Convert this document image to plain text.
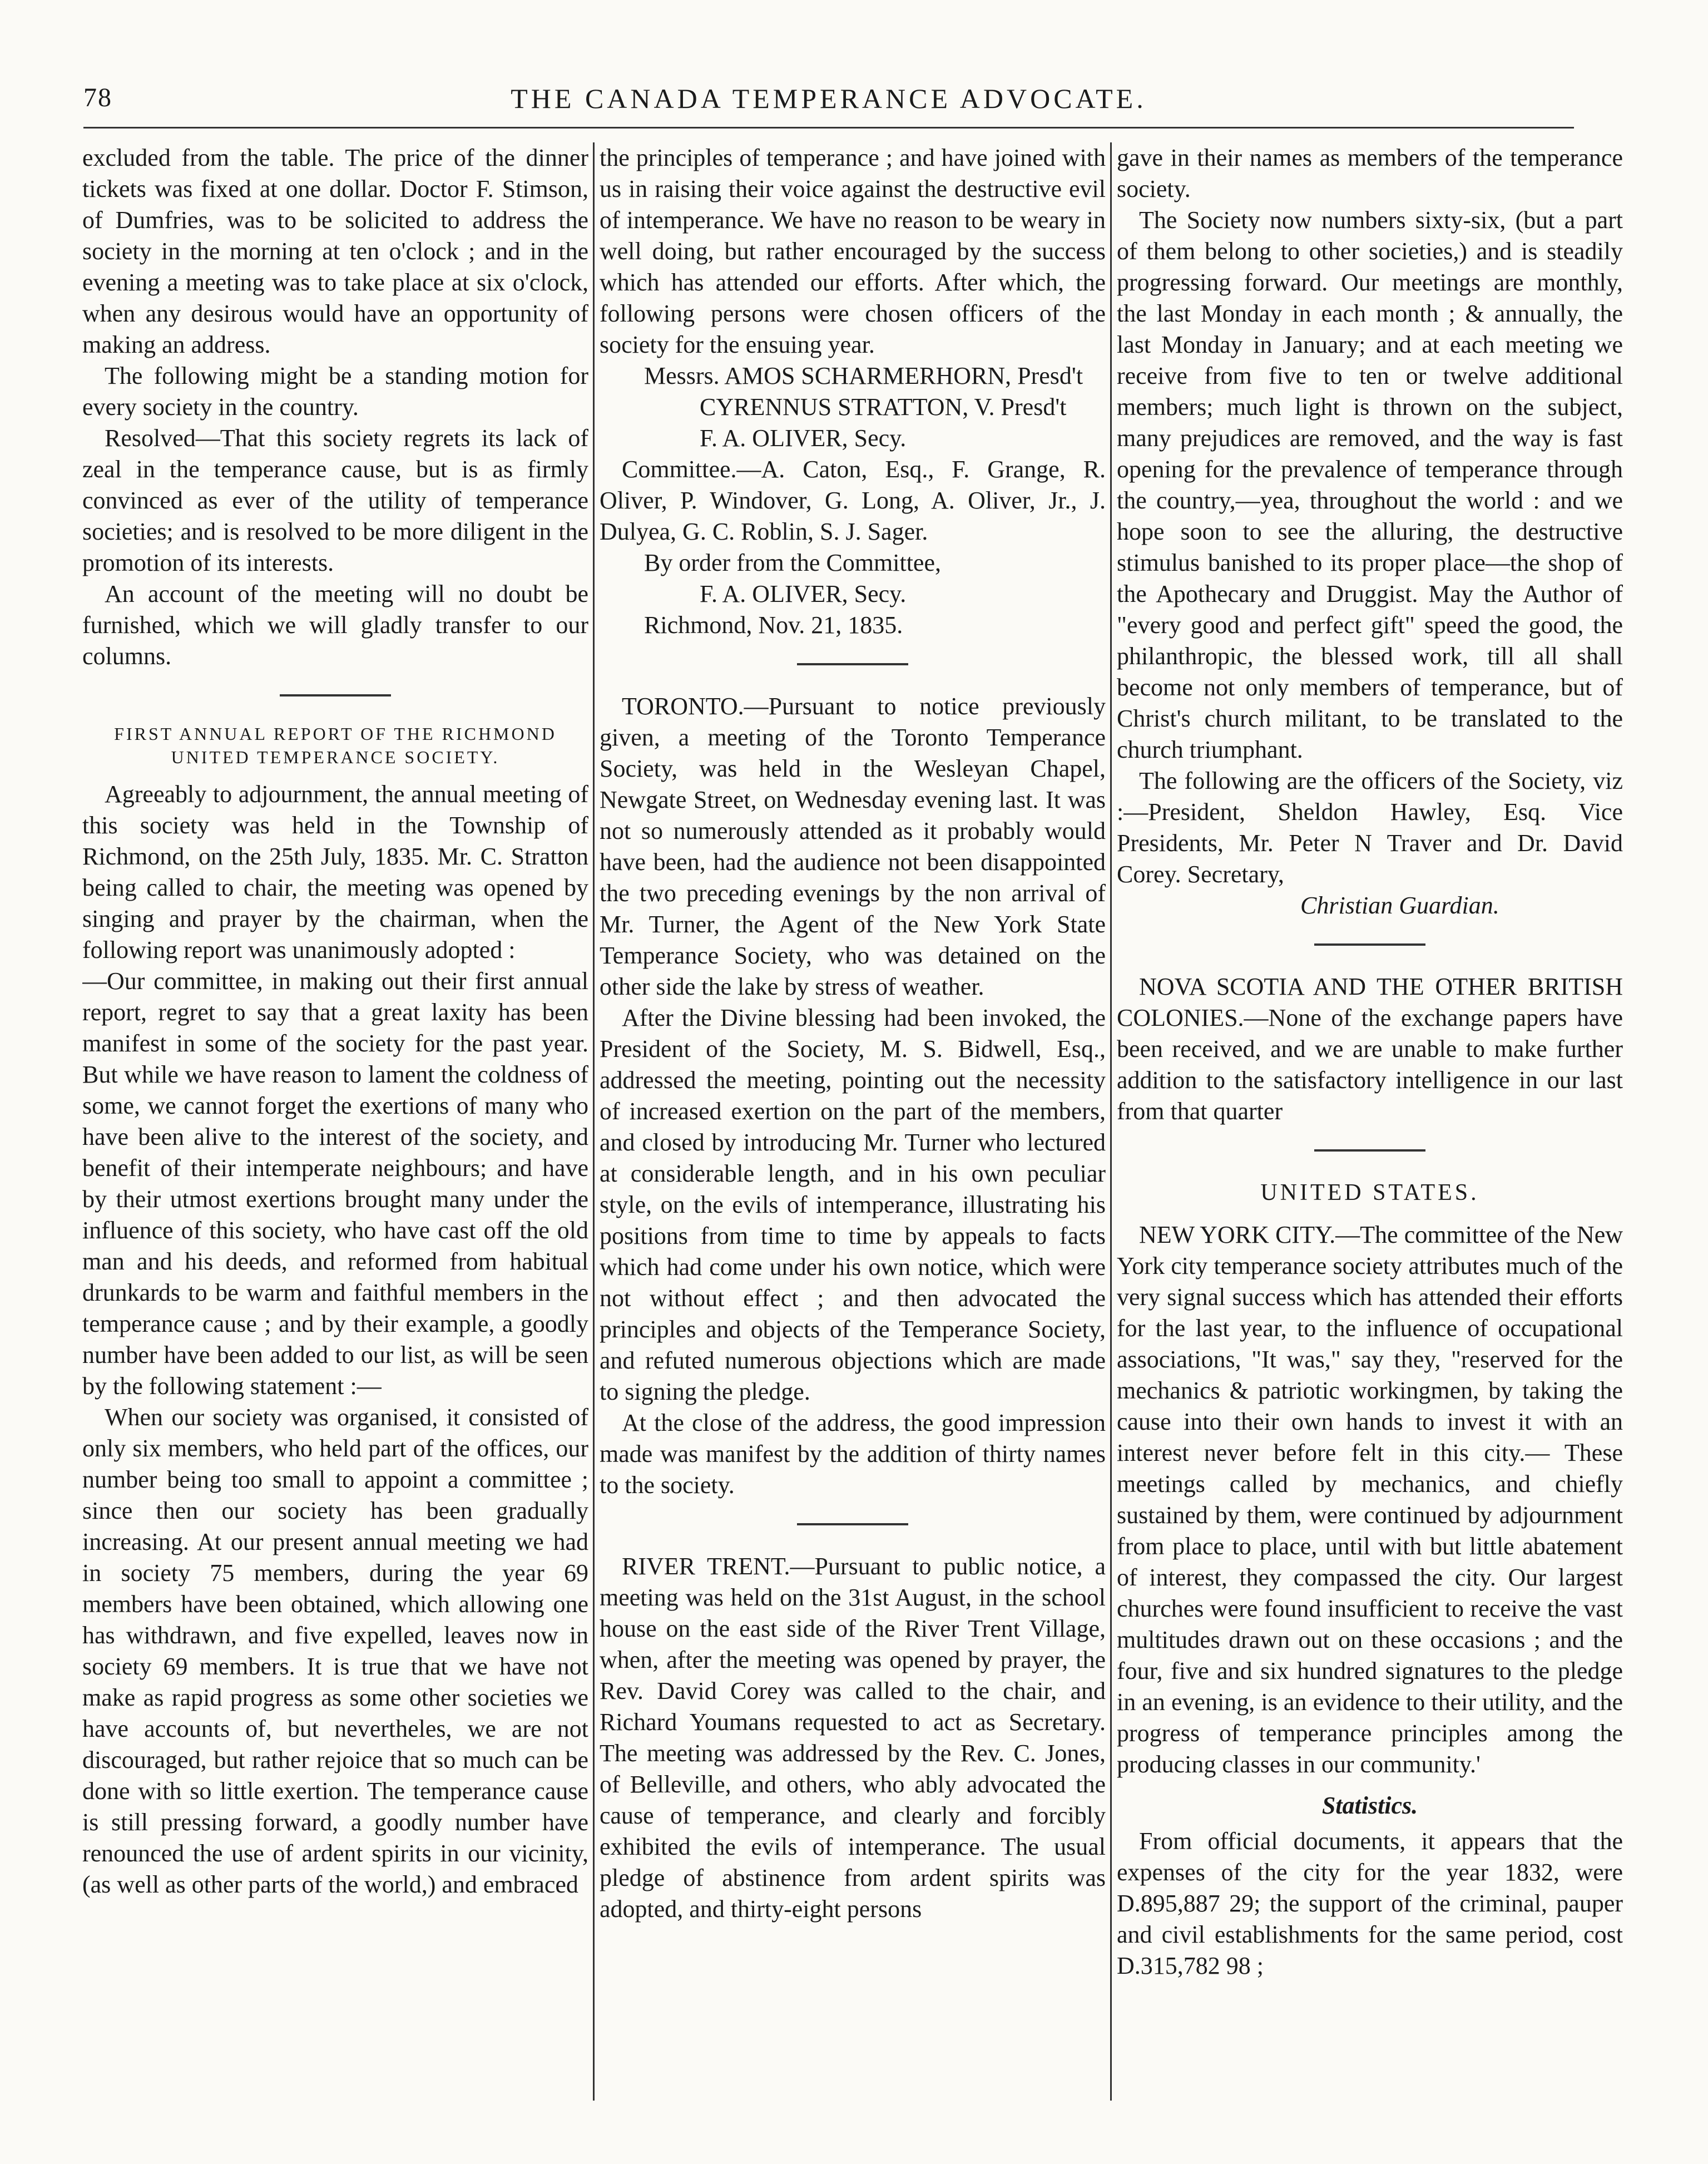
78	THE CANADA TEMPERANCE ADVOCATE.

excluded from the table. The price of the dinner tickets was fixed at one dollar. Doctor F. Stimson, of Dumfries, was to be solicited to address the society in the morning at ten o'clock ; and in the evening a meeting was to take place at six o'clock, when any desirous would have an opportunity of making an address.

The following might be a standing motion for every society in the country.

Resolved—That this society regrets its lack of zeal in the temperance cause, but is as firmly convinced as ever of the utility of temperance societies; and is resolved to be more diligent in the promotion of its interests.

An account of the meeting will no doubt be furnished, which we will gladly transfer to our columns.

FIRST ANNUAL REPORT OF THE RICHMOND UNITED TEMPERANCE SOCIETY.

Agreeably to adjournment, the annual meeting of this society was held in the Township of Richmond, on the 25th July, 1835. Mr. C. Stratton being called to chair, the meeting was opened by singing and prayer by the chairman, when the following report was unanimously adopted :

—Our committee, in making out their first annual report, regret to say that a great laxity has been manifest in some of the society for the past year. But while we have reason to lament the coldness of some, we cannot forget the exertions of many who have been alive to the interest of the society, and benefit of their intemperate neighbours; and have by their utmost exertions brought many under the influence of this society, who have cast off the old man and his deeds, and reformed from habitual drunkards to be warm and faithful members in the temperance cause ; and by their example, a goodly number have been added to our list, as will be seen by the following statement :—

When our society was organised, it consisted of only six members, who held part of the offices, our number being too small to appoint a committee ; since then our society has been gradually increasing. At our present annual meeting we had in society 75 members, during the year 69 members have been obtained, which allowing one has withdrawn, and five expelled, leaves now in society 69 members. It is true that we have not make as rapid progress as some other societies we have accounts of, but nevertheles, we are not discouraged, but rather rejoice that so much can be done with so little exertion. The temperance cause is still pressing forward, a goodly number have renounced the use of ardent spirits in our vicinity, (as well as other parts of the world,) and embraced

the principles of temperance ; and have joined with us in raising their voice against the destructive evil of intemperance. We have no reason to be weary in well doing, but rather encouraged by the success which has attended our efforts. After which, the following persons were chosen officers of the society for the ensuing year.

Messrs. AMOS SCHARMERHORN, Presd't
CYRENNUS STRATTON, V. Presd't
F. A. OLIVER, Secy.

Committee.—A. Caton, Esq., F. Grange, R. Oliver, P. Windover, G. Long, A. Oliver, Jr., J. Dulyea, G. C. Roblin, S. J. Sager.

By order from the Committee,
F. A. OLIVER, Secy.
Richmond, Nov. 21, 1835.

TORONTO.—Pursuant to notice previously given, a meeting of the Toronto Temperance Society, was held in the Wesleyan Chapel, Newgate Street, on Wednesday evening last. It was not so numerously attended as it probably would have been, had the audience not been disappointed the two preceding evenings by the non arrival of Mr. Turner, the Agent of the New York State Temperance Society, who was detained on the other side the lake by stress of weather.

After the Divine blessing had been invoked, the President of the Society, M. S. Bidwell, Esq., addressed the meeting, pointing out the necessity of increased exertion on the part of the members, and closed by introducing Mr. Turner who lectured at considerable length, and in his own peculiar style, on the evils of intemperance, illustrating his positions from time to time by appeals to facts which had come under his own notice, which were not without effect ; and then advocated the principles and objects of the Temperance Society, and refuted numerous objections which are made to signing the pledge.

At the close of the address, the good impression made was manifest by the addition of thirty names to the society.

RIVER TRENT.—Pursuant to public notice, a meeting was held on the 31st August, in the school house on the east side of the River Trent Village, when, after the meeting was opened by prayer, the Rev. David Corey was called to the chair, and Richard Youmans requested to act as Secretary. The meeting was addressed by the Rev. C. Jones, of Belleville, and others, who ably advocated the cause of temperance, and clearly and forcibly exhibited the evils of intemperance. The usual pledge of abstinence from ardent spirits was adopted, and thirty-eight persons

gave in their names as members of the temperance society.

The Society now numbers sixty-six, (but a part of them belong to other societies,) and is steadily progressing forward. Our meetings are monthly, the last Monday in each month ; & annually, the last Monday in January; and at each meeting we receive from five to ten or twelve additional members; much light is thrown on the subject, many prejudices are removed, and the way is fast opening for the prevalence of temperance through the country,—yea, throughout the world : and we hope soon to see the alluring, the destructive stimulus banished to its proper place—the shop of the Apothecary and Druggist. May the Author of "every good and perfect gift" speed the good, the philanthropic, the blessed work, till all shall become not only members of temperance, but of Christ's church militant, to be translated to the church triumphant.

The following are the officers of the Society, viz :—President, Sheldon Hawley, Esq. Vice Presidents, Mr. Peter N Traver and Dr. David Corey. Secretary,

Christian Guardian.

NOVA SCOTIA AND THE OTHER BRITISH COLONIES.—None of the exchange papers have been received, and we are unable to make further addition to the satisfactory intelligence in our last from that quarter

UNITED STATES.

NEW YORK CITY.—The committee of the New York city temperance society attributes much of the very signal success which has attended their efforts for the last year, to the influence of occupational associations, "It was," say they, "reserved for the mechanics & patriotic workingmen, by taking the cause into their own hands to invest it with an interest never before felt in this city.— These meetings called by mechanics, and chiefly sustained by them, were continued by adjournment from place to place, until with but little abatement of interest, they compassed the city. Our largest churches were found insufficient to receive the vast multitudes drawn out on these occasions ; and the four, five and six hundred signatures to the pledge in an evening, is an evidence to their utility, and the progress of temperance principles among the producing classes in our community.'

Statistics.

From official documents, it appears that the expenses of the city for the year 1832, were D.895,887 29; the support of the criminal, pauper and civil establishments for the same period, cost D.315,782 98 ;
